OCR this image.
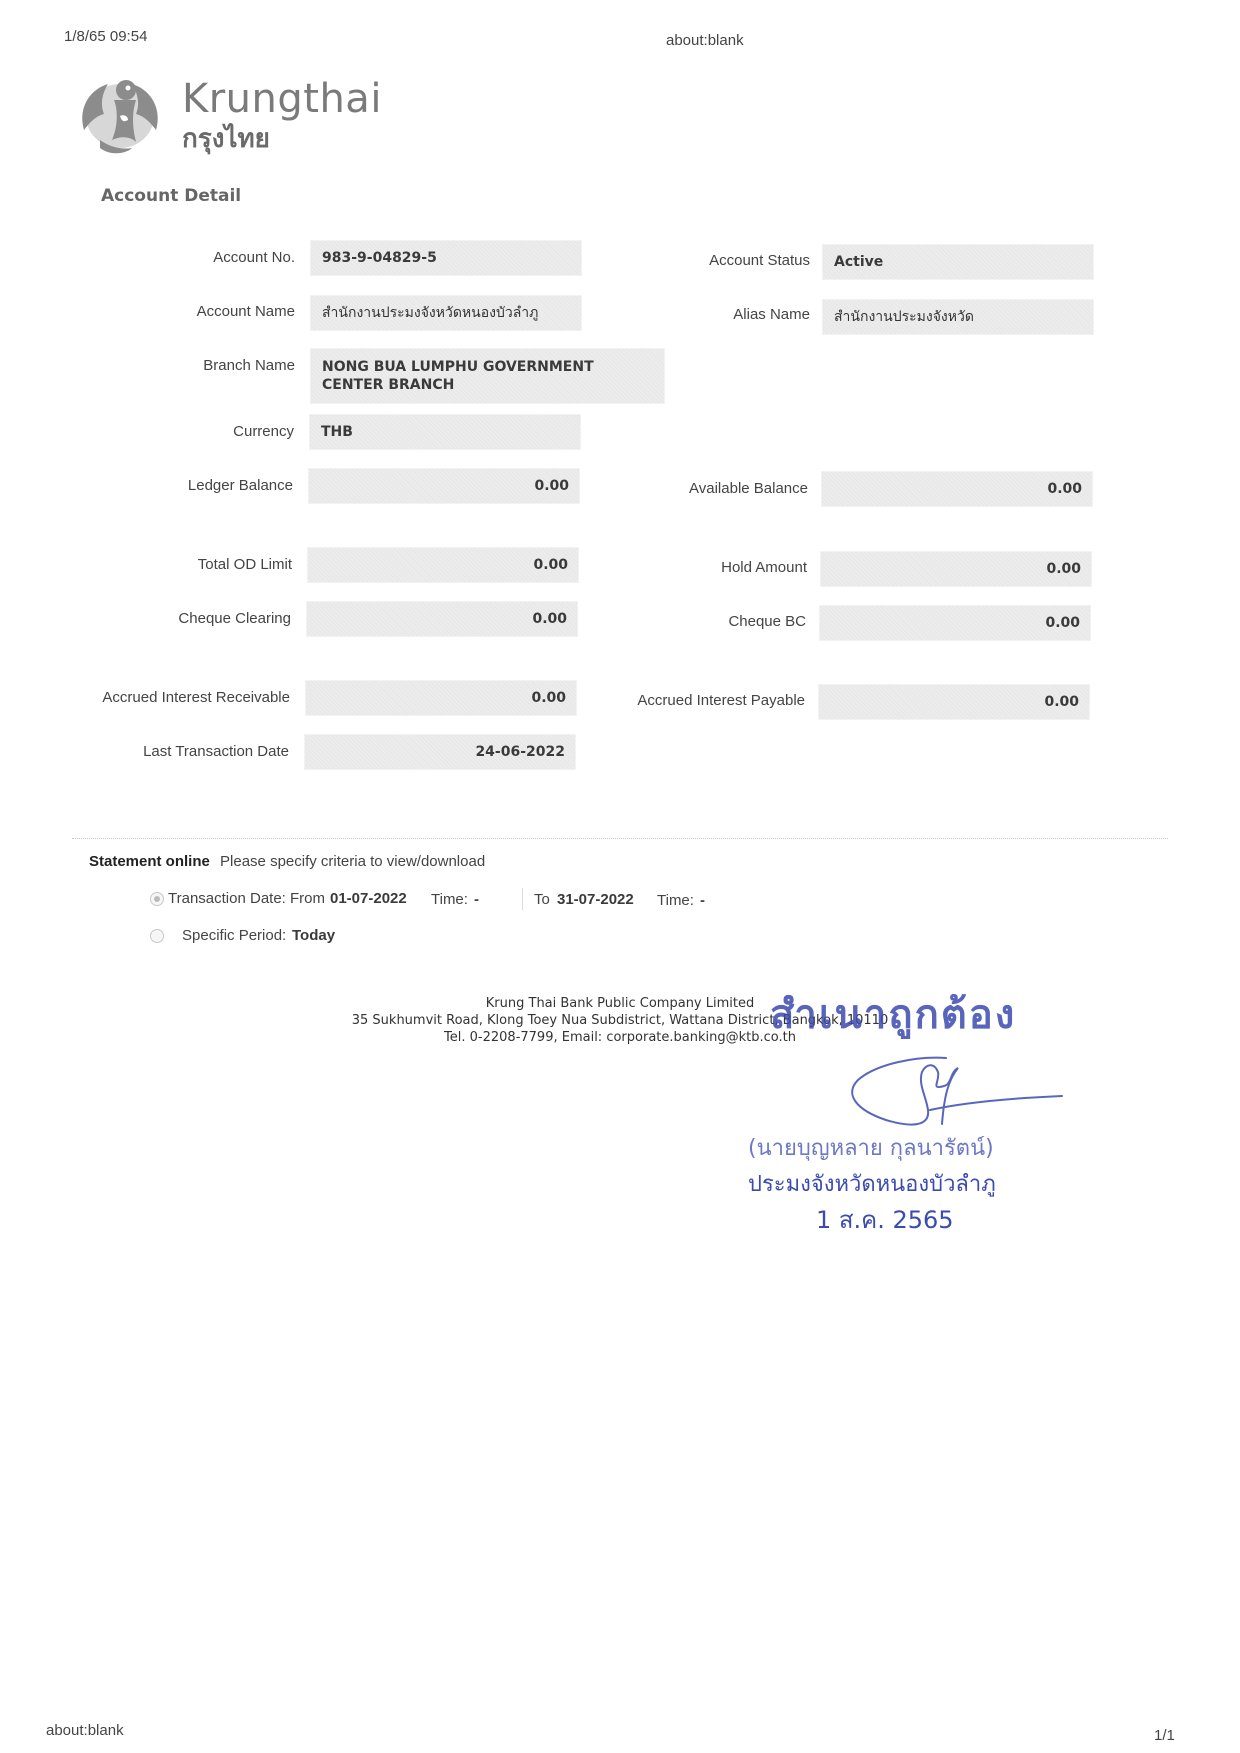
1/8/65 09:54	about:blank
Krungthai
กรุงไทย
Account Detail
Account No. 983-9-04829-5	Account Status Active
Account Name สำนักงานประมงจังหวัดหนองบัวลำภู	Alias Name สำนักงานประมงจังหวัด
Branch Name NONG BUA LUMPHU GOVERNMENT CENTER BRANCH
Currency THB
Ledger Balance	0.00	Available Balance	0.00
Total OD Limit	0.00	Hold Amount	0.00
Cheque Clearing	0.00	Cheque BC	0.00
Accrued Interest Receivable	0.00	Accrued Interest Payable	0.00
Last Transaction Date	24-06-2022
Statement online Please specify criteria to view/download
Transaction Date: From 01-07-2022 Time: -	To 31-07-2022 Time: -
Specific Period: Today
Krung Thai Bank Public Company Limited
35 Sukhumvit Road, Klong Toey Nua Subdistrict, Wattana District, Bangkok, 10110
Tel. 0-2208-7799, Email: corporate.banking@ktb.co.th
สำเนาถูกต้อง
(นายบุญหลาย กุลนารัตน์)
ประมงจังหวัดหนองบัวลำภู
1 ส.ค. 2565
about:blank	1/1
